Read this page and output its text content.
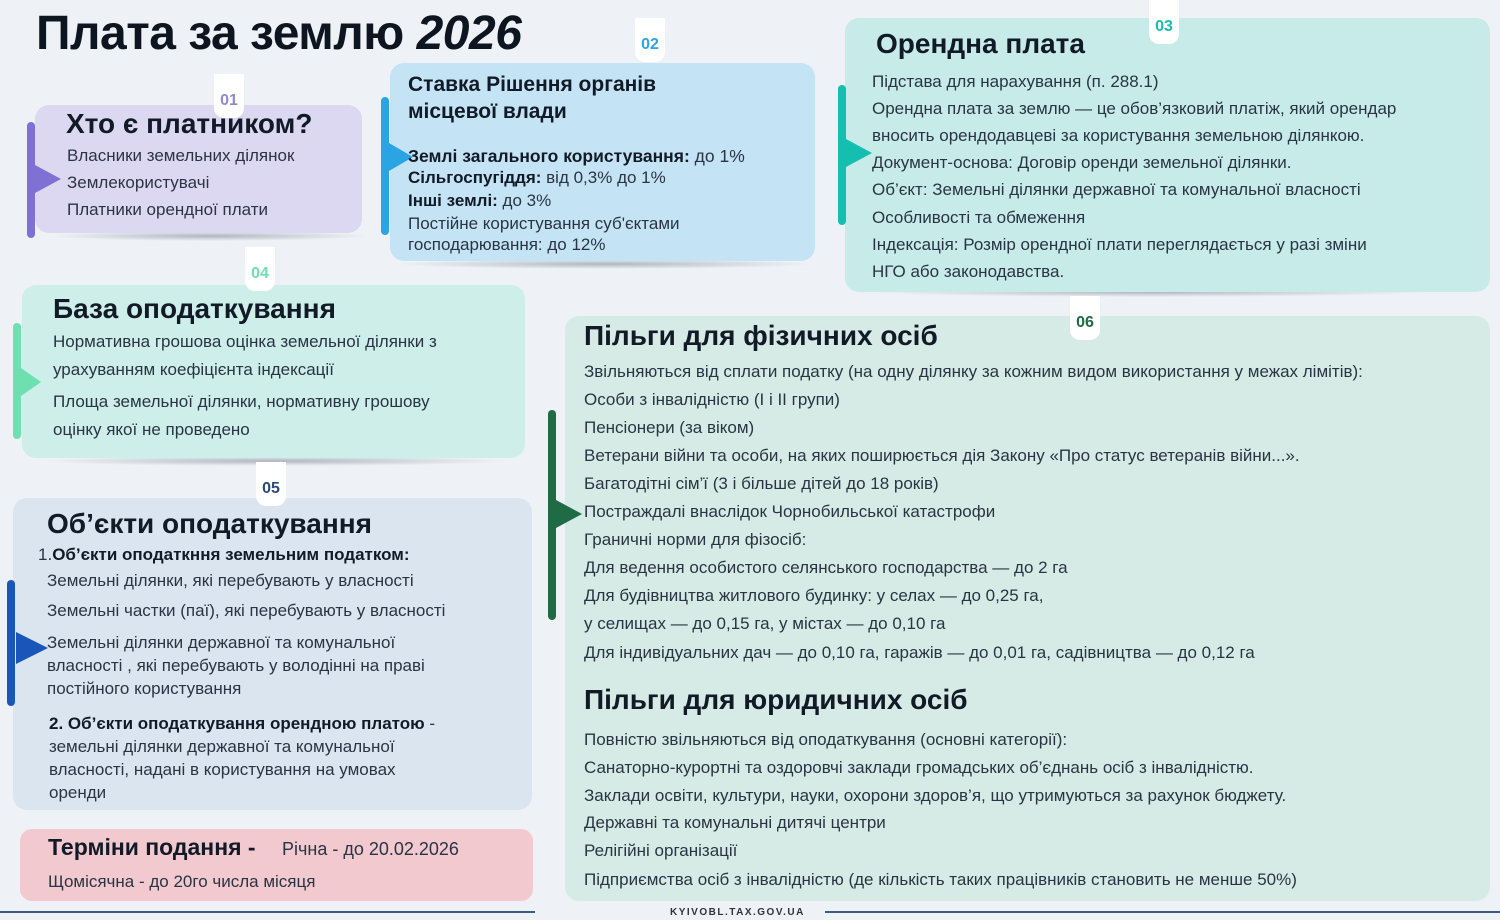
Плата за землю 2026
01
Хто є платником?
Власники земельних ділянок
Землекористувачі
Платники орендної плати
02
Ставка Рішення органів
місцевої влади
Землі загального користування: до 1%
Сільгоспугіддя: від 0,3% до 1%
Інші землі: до 3%
Постійне користування суб'єктами
господарювання: до 12%
03
Орендна плата
Підстава для нарахування (п. 288.1)
Орендна плата за землю — це обов’язковий платіж, який орендар
вносить орендодавцеві за користування земельною ділянкою.
Документ-основа: Договір оренди земельної ділянки.
Об’єкт: Земельні ділянки державної та комунальної власності
Особливості та обмеження
Індексація: Розмір орендної плати переглядається у разі зміни
НГО або законодавства.
04
База оподаткування
Нормативна грошова оцінка земельної ділянки з
урахуванням коефіцієнта індексації
Площа земельної ділянки, нормативну грошову
оцінку якої не проведено
05
Об’єкти оподаткування
1.Об’єкти оподаткння земельним податком:
Земельні ділянки, які перебувають у власності
Земельні частки (паї), які перебувають у власності
Земельні ділянки державної та комунальної
власності , які перебувають у володінні на праві
постійного користування
2. Об’єкти оподаткування орендною платою -
земельні ділянки державної та комунальної
власності, надані в користування на умовах
оренди
Терміни подання - Річна - до 20.02.2026
Щомісячна - до 20го числа місяця
06
Пільги для фізичних осіб
Звільняються від сплати податку (на одну ділянку за кожним видом використання у межах лімітів):
Особи з інвалідністю (I і II групи)
Пенсіонери (за віком)
Ветерани війни та особи, на яких поширюється дія Закону «Про статус ветеранів війни...».
Багатодітні сім’ї (3 і більше дітей до 18 років)
Постраждалі внаслідок Чорнобильської катастрофи
Граничні норми для фізосіб:
Для ведення особистого селянського господарства — до 2 га
Для будівництва житлового будинку: у селах — до 0,25 га,
у селищах — до 0,15 га, у містах — до 0,10 га
Для індивідуальних дач — до 0,10 га, гаражів — до 0,01 га, садівництва — до 0,12 га
Пільги для юридичних осіб
Повністю звільняються від оподаткування (основні категорії):
Санаторно-курортні та оздоровчі заклади громадських об’єднань осіб з інвалідністю.
Заклади освіти, культури, науки, охорони здоров’я, що утримуються за рахунок бюджету.
Державні та комунальні дитячі центри
Релігійні організації
Підприємства осіб з інвалідністю (де кількість таких працівників становить не менше 50%)
KYIVOBL.TAX.GOV.UA
